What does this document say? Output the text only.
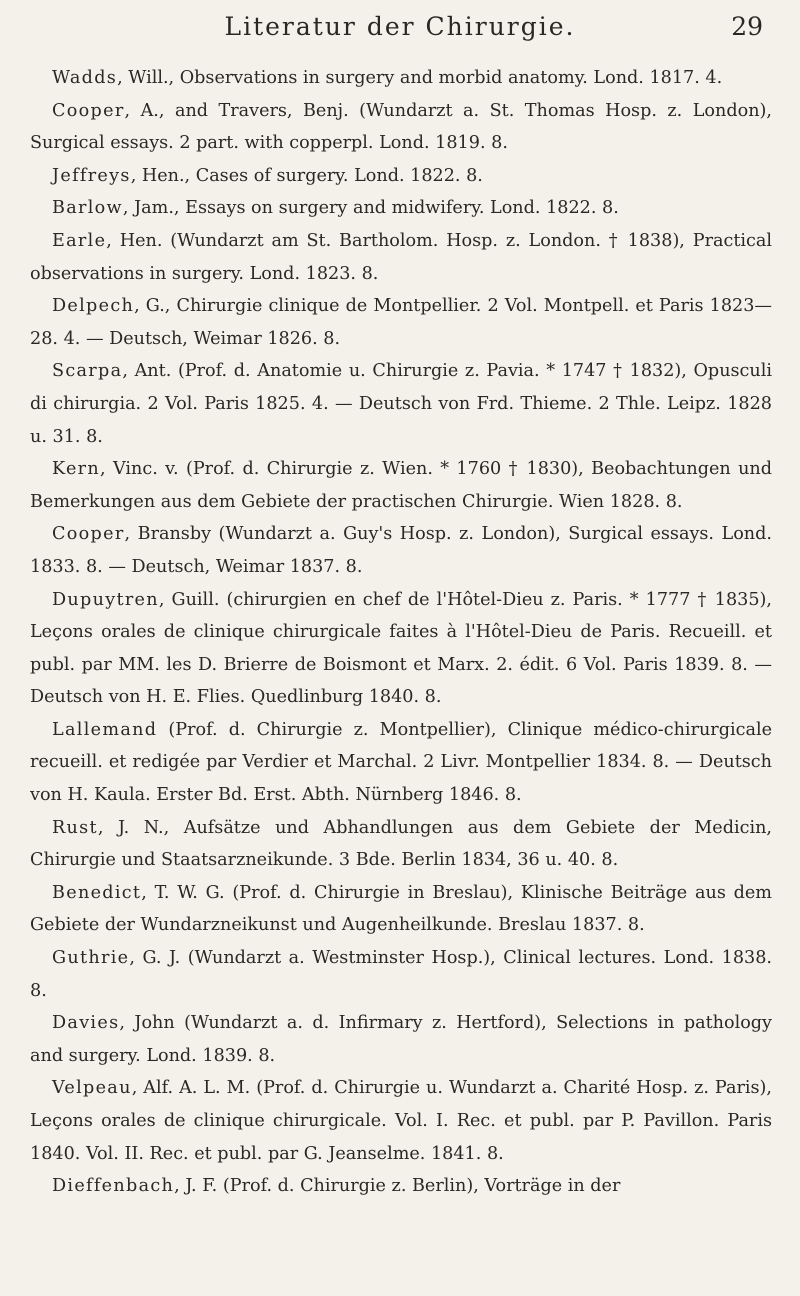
Literatur der Chirurgie.	29

Wadds, Will., Observations in surgery and morbid anatomy. Lond. 1817. 4.

Cooper, A., and Travers, Benj. (Wundarzt a. St. Thomas Hosp. z. London), Surgical essays. 2 part. with copperpl. Lond. 1819. 8.

Jeffreys, Hen., Cases of surgery. Lond. 1822. 8.

Barlow, Jam., Essays on surgery and midwifery. Lond. 1822. 8.

Earle, Hen. (Wundarzt am St. Bartholom. Hosp. z. London. † 1838), Practical observations in surgery. Lond. 1823. 8.

Delpech, G., Chirurgie clinique de Montpellier. 2 Vol. Montpell. et Paris 1823—28. 4. — Deutsch, Weimar 1826. 8.

Scarpa, Ant. (Prof. d. Anatomie u. Chirurgie z. Pavia. * 1747 † 1832), Opusculi di chirurgia. 2 Vol. Paris 1825. 4. — Deutsch von Frd. Thieme. 2 Thle. Leipz. 1828 u. 31. 8.

Kern, Vinc. v. (Prof. d. Chirurgie z. Wien. * 1760 † 1830), Beobachtungen und Bemerkungen aus dem Gebiete der practischen Chirurgie. Wien 1828. 8.

Cooper, Bransby (Wundarzt a. Guy's Hosp. z. London), Surgical essays. Lond. 1833. 8. — Deutsch, Weimar 1837. 8.

Dupuytren, Guill. (chirurgien en chef de l'Hôtel-Dieu z. Paris. * 1777 † 1835), Leçons orales de clinique chirurgicale faites à l'Hôtel-Dieu de Paris. Recueill. et publ. par MM. les D. Brierre de Boismont et Marx. 2. édit. 6 Vol. Paris 1839. 8. — Deutsch von H. E. Flies. Quedlinburg 1840. 8.

Lallemand (Prof. d. Chirurgie z. Montpellier), Clinique médico-chirurgicale recueill. et redigée par Verdier et Marchal. 2 Livr. Montpellier 1834. 8. — Deutsch von H. Kaula. Erster Bd. Erst. Abth. Nürnberg 1846. 8.

Rust, J. N., Aufsätze und Abhandlungen aus dem Gebiete der Medicin, Chirurgie und Staatsarzneikunde. 3 Bde. Berlin 1834, 36 u. 40. 8.

Benedict, T. W. G. (Prof. d. Chirurgie in Breslau), Klinische Beiträge aus dem Gebiete der Wundarzneikunst und Augenheilkunde. Breslau 1837. 8.

Guthrie, G. J. (Wundarzt a. Westminster Hosp.), Clinical lectures. Lond. 1838. 8.

Davies, John (Wundarzt a. d. Infirmary z. Hertford), Selections in pathology and surgery. Lond. 1839. 8.

Velpeau, Alf. A. L. M. (Prof. d. Chirurgie u. Wundarzt a. Charité Hosp. z. Paris), Leçons orales de clinique chirurgicale. Vol. I. Rec. et publ. par P. Pavillon. Paris 1840. Vol. II. Rec. et publ. par G. Jeanselme. 1841. 8.

Dieffenbach, J. F. (Prof. d. Chirurgie z. Berlin), Vorträge in der
